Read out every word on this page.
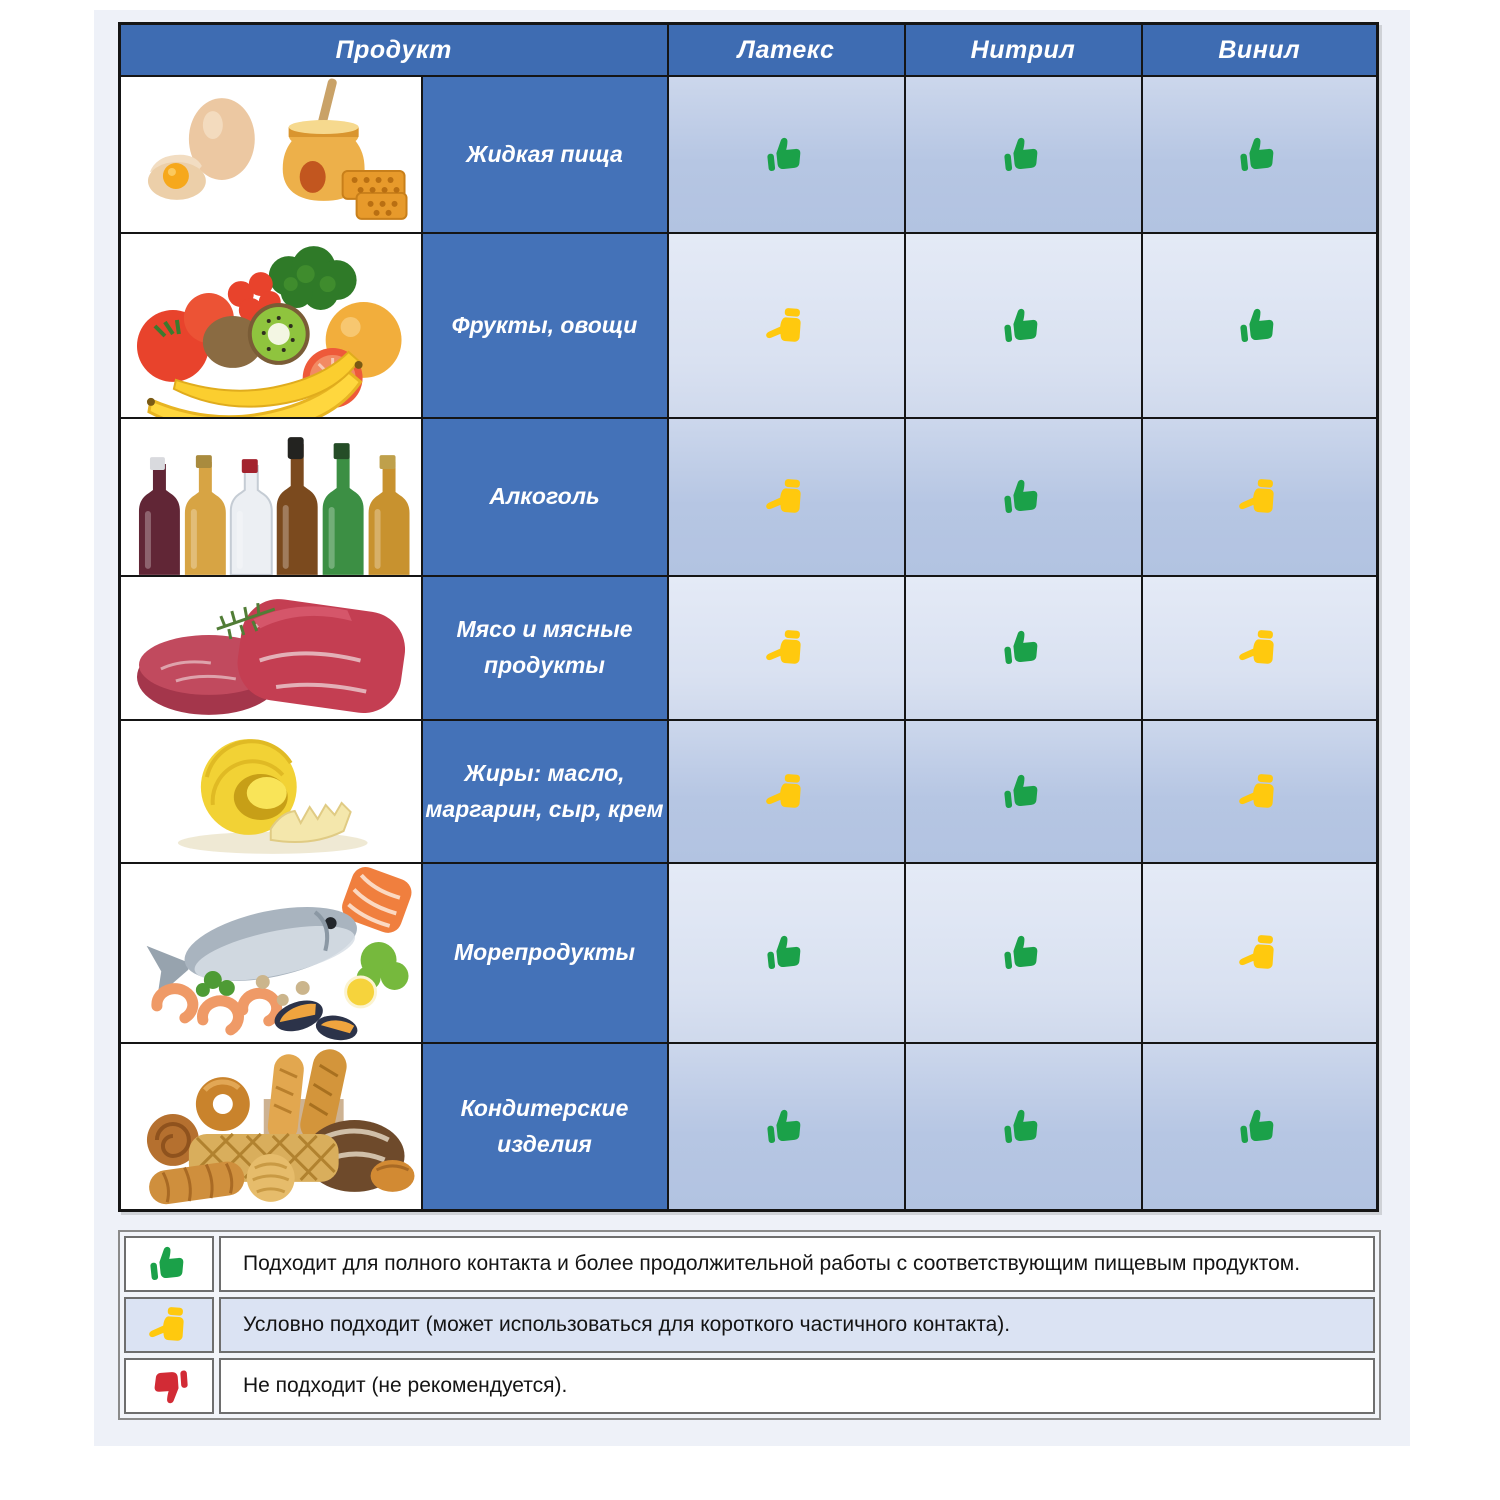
Продукт		Латекс	Нитрил	Винил

	Жидкая пища			

	Фрукты, овощи			

	Алкоголь			

	Мясо и мясные продукты			

	Жиры: масло, маргарин, сыр, крем			

	Морепродукты			

	Кондитерские изделия			
Подходит для полного контакта и более продолжительной работы с соответствующим пищевым продуктом.
Условно подходит (может использоваться для короткого частичного контакта).
Не подходит (не рекомендуется).
